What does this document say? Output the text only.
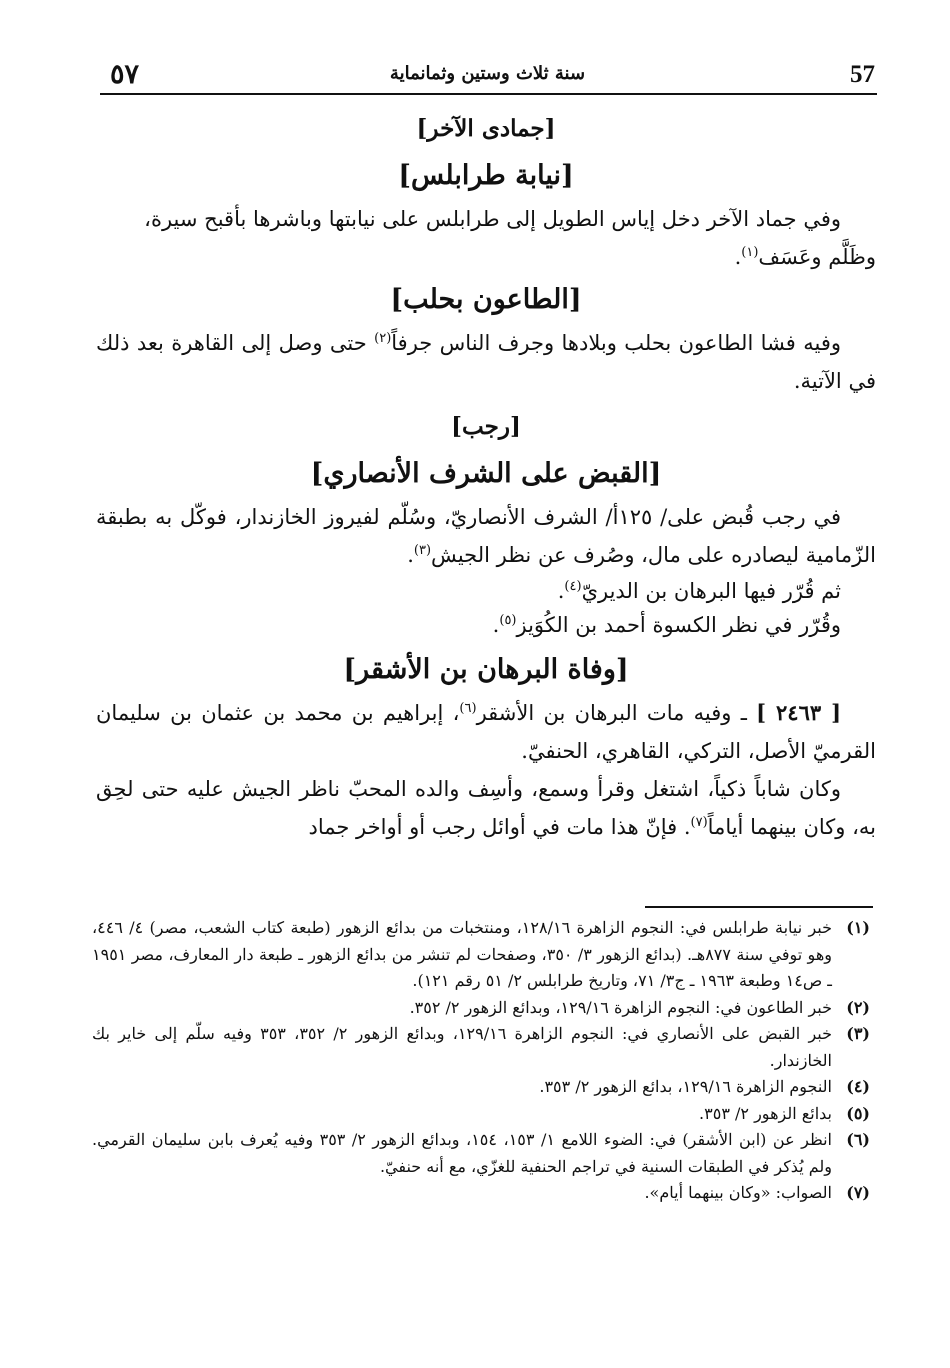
٥٧	سنة ثلاث وستين وثمانماية	57

[جمادى الآخر]

[نيابة طرابلس]

وفي جماد الآخر دخل إياس الطويل إلى طرابلس على نيابتها وباشرها بأقبح سيرة،

وظَلَّم وعَسَف$^{(١)}$.

[الطاعون بحلب]

وفيه فشا الطاعون بحلب وبلادها وجرف الناس جرفاً$^{(٢)}$ حتى وصل إلى القاهرة بعد ذلك في الآتية.

[رجب]

[القبض على الشرف الأنصاري]

في رجب قُبض على/ ١٢٥أ/ الشرف الأنصاريّ، وسُلّم لفيروز الخازندار، فوكّل به بطبقة الزّمامية ليصادره على مال، وصُرف عن نظر الجيش$^{(٣)}$.

ثم قُرّر فيها البرهان بن الديريّ$^{(٤)}$.

وقُرّر في نظر الكسوة أحمد بن الكُوَيز$^{(٥)}$.

[وفاة البرهان بن الأشقر]

[ ٢٤٦٣ ] ـ وفيه مات البرهان بن الأشقر$^{(٦)}$، إبراهيم بن محمد بن عثمان بن سليمان القرميّ الأصل، التركي، القاهري، الحنفيّ.

وكان شاباً ذكياً، اشتغل وقرأ وسمع، وأسِف والده المحبّ ناظر الجيش عليه حتى لحِق به، وكان بينهما أياماً$^{(٧)}$. فإنّ هذا مات في أوائل رجب أو أواخر جماد

(١)
خبر نيابة طرابلس في: النجوم الزاهرة ١٢٨/١٦، ومنتخبات من بدائع الزهور (طبعة كتاب الشعب، مصر) ٤/ ٤٤٦، وهو توفي سنة ٨٧٧هـ. (بدائع الزهور ٣/ ٣٥٠، وصفحات لم تنشر من بدائع الزهور ـ طبعة دار المعارف، مصر ١٩٥١ ـ ص١٤ وطبعة ١٩٦٣ ـ ج٣/ ٧١، وتاريخ طرابلس ٢/ ٥١ رقم ١٢١).
(٢)
خبر الطاعون في: النجوم الزاهرة ١٢٩/١٦، وبدائع الزهور ٢/ ٣٥٢.
(٣)
خبر القبض على الأنصاري في: النجوم الزاهرة ١٢٩/١٦، وبدائع الزهور ٢/ ٣٥٢، ٣٥٣ وفيه سلّم إلى خاير بك الخازندار.
(٤)
النجوم الزاهرة ١٢٩/١٦، بدائع الزهور ٢/ ٣٥٣.
(٥)
بدائع الزهور ٢/ ٣٥٣.
(٦)
انظر عن (ابن الأشقر) في: الضوء اللامع ١/ ١٥٣، ١٥٤، وبدائع الزهور ٢/ ٣٥٣ وفيه يُعرف بابن سليمان القرمي. ولم يُذكر في الطبقات السنية في تراجم الحنفية للغزّي، مع أنه حنفيّ.
(٧)
الصواب: «وكان بينهما أيام».
